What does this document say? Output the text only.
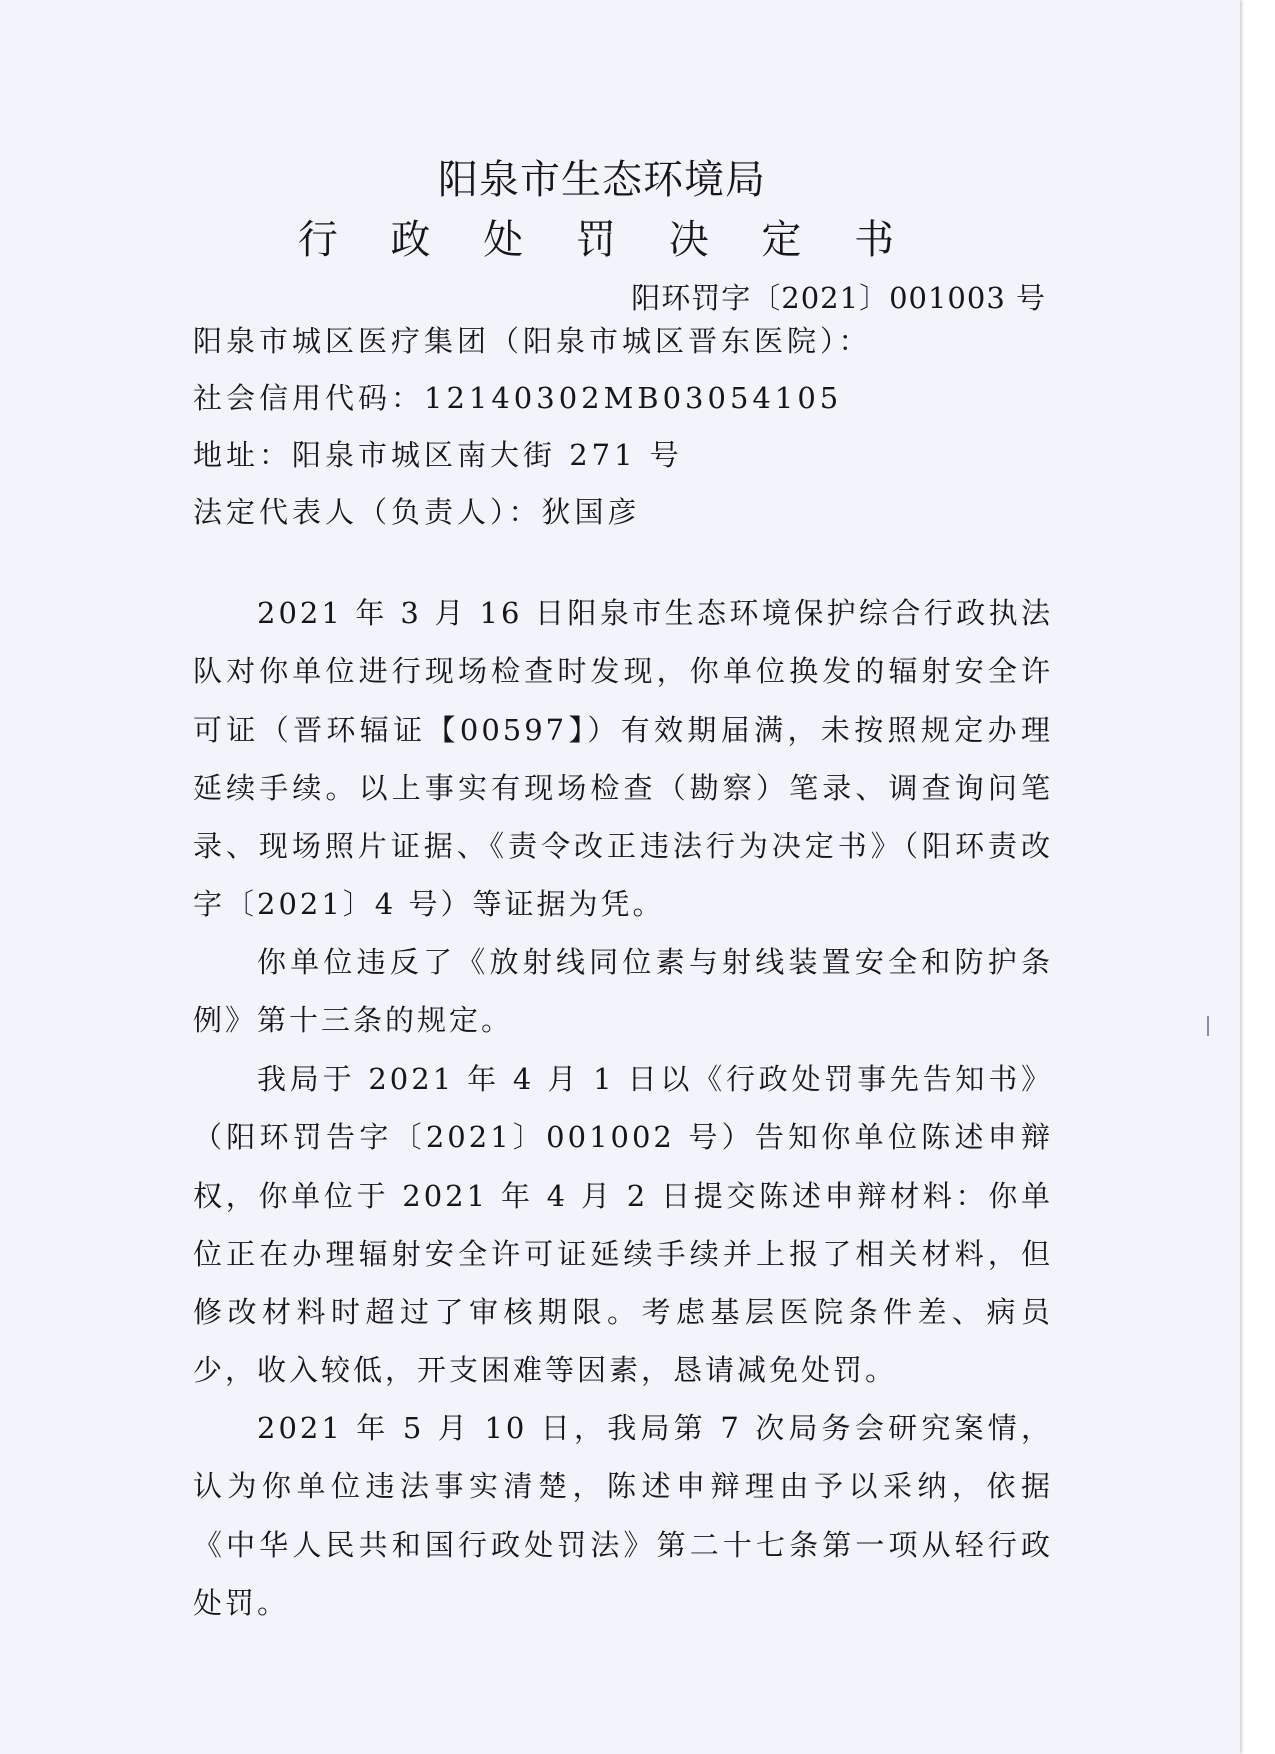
阳泉市生态环境局
行 政 处 罚 决 定 书
阳环罚字〔2021〕001003 号
阳泉市城区医疗集团（阳泉市城区晋东医院）：
社会信用代码：12140302MB03054105
地址：阳泉市城区南大街 271 号
法定代表人（负责人）：狄国彦
2021 年 3 月 16 日阳泉市生态环境保护综合行政执法队对你单位进行现场检查时发现，你单位换发的辐射安全许可证（晋环辐证【00597】）有效期届满，未按照规定办理延续手续。以上事实有现场检查（勘察）笔录、调查询问笔录、现场照片证据、《责令改正违法行为决定书》（阳环责改字〔2021〕4 号）等证据为凭。
你单位违反了《放射线同位素与射线装置安全和防护条例》第十三条的规定。
我局于 2021 年 4 月 1 日以《行政处罚事先告知书》（阳环罚告字〔2021〕001002 号）告知你单位陈述申辩权，你单位于 2021 年 4 月 2 日提交陈述申辩材料：你单位正在办理辐射安全许可证延续手续并上报了相关材料，但修改材料时超过了审核期限。考虑基层医院条件差、病员少，收入较低，开支困难等因素，恳请减免处罚。
2021 年 5 月 10 日，我局第 7 次局务会研究案情，认为你单位违法事实清楚，陈述申辩理由予以采纳，依据《中华人民共和国行政处罚法》第二十七条第一项从轻行政处罚。
